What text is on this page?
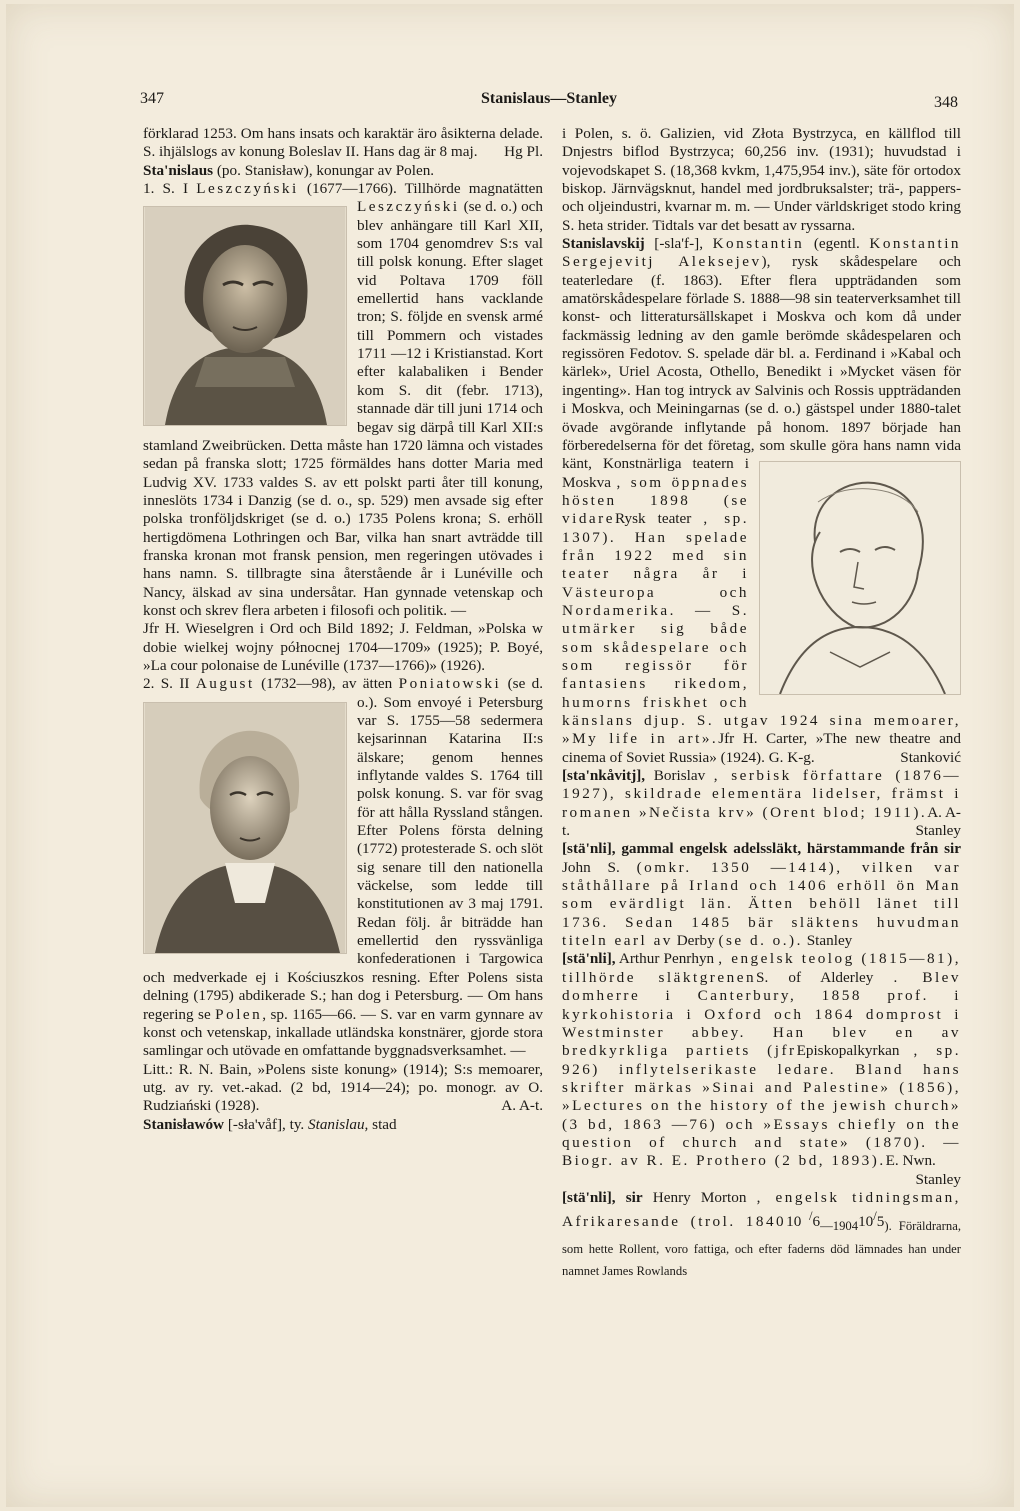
347	Stanislaus—Stanley	348

förklarad 1253. Om hans insats och karaktär äro åsikterna delade. S. ihjälslogs av konung Boleslav II. Hans dag är 8 maj. Hg Pl.

Sta'nislaus (po. Stanisław), konungar av Polen.

1. S. I Leszczyński (1677—1766). Tillhörde magnatätten Leszczyński (se d. o.) och blev anhängare till Karl XII, som 1704 genomdrev S:s val till polsk konung. Efter slaget vid Poltava 1709 föll emellertid hans vacklande tron; S. följde en svensk armé till Pommern och vistades 1711 —12 i Kristianstad. Kort efter kalabaliken i Bender kom S. dit (febr. 1713), stannade där till juni 1714 och begav sig därpå till Karl XII:s stamland Zweibrücken. Detta måste han 1720 lämna och vistades sedan på franska slott; 1725 förmäldes hans dotter Maria med Ludvig XV. 1733 valdes S. av ett polskt parti åter till konung, inneslöts 1734 i Danzig (se d. o., sp. 529) men avsade sig efter polska tronföljdskriget (se d. o.) 1735 Polens krona; S. erhöll hertigdömena Lothringen och Bar, vilka han snart avträdde till franska kronan mot fransk pension, men regeringen utövades i hans namn. S. tillbragte sina återstående år i Lunéville och Nancy, älskad av sina undersåtar. Han gynnade vetenskap och konst och skrev flera arbeten i filosofi och politik. —

Jfr H. Wieselgren i Ord och Bild 1892; J. Feldman, »Polska w dobie wielkej wojny północnej 1704—1709» (1925); P. Boyé, »La cour polonaise de Lunéville (1737—1766)» (1926).

2. S. II August (1732—98), av ätten Poniatowski (se d. o.). Som envoyé i Petersburg var S. 1755—58 sedermera kejsarinnan Katarina II:s älskare; genom hennes inflytande valdes S. 1764 till polsk konung. S. var för svag för att hålla Ryssland stången. Efter Polens första delning (1772) protesterade S. och slöt sig senare till den nationella väckelse, som ledde till konstitutionen av 3 maj 1791. Redan följ. år biträdde han emellertid den ryssvänliga konfederationen i Targowica och medverkade ej i Kościuszkos resning. Efter Polens sista delning (1795) abdikerade S.; han dog i Petersburg. — Om hans regering se Polen, sp. 1165—66. — S. var en varm gynnare av konst och vetenskap, inkallade utländska konstnärer, gjorde stora samlingar och utövade en omfattande byggnadsverksamhet. —

Litt.: R. N. Bain, »Polens siste konung» (1914); S:s memoarer, utg. av ry. vet.-akad. (2 bd, 1914—24); po. monogr. av O. Rudziański (1928).	A. A-t.

Stanisławów [-sła'våf], ty. Stanislau, stad

i Polen, s. ö. Galizien, vid Złota Bystrzyca, en källflod till Dnjestrs biflod Bystrzyca; 60,256 inv. (1931); huvudstad i vojevodskapet S. (18,368 kvkm, 1,475,954 inv.), säte för ortodox biskop. Järnvägsknut, handel med jordbruksalster; trä-, pappers- och oljeindustri, kvarnar m. m. — Under världskriget stodo kring S. heta strider. Tidtals var det besatt av ryssarna.

Stanislavskij [-sla'f-], Konstantin (egentl. Konstantin Sergejevitj Aleksejev), rysk skådespelare och teaterledare (f. 1863). Efter flera uppträdanden som amatörskådespelare förlade S. 1888—98 sin teaterverksamhet till konst- och litteratursällskapet i Moskva och kom då under fackmässig ledning av den gamle berömde skådespelaren och regissören Fedotov. S. spelade där bl. a. Ferdinand i »Kabal och kärlek», Uriel Acosta, Othello, Benedikt i »Mycket väsen för ingenting». Han tog intryck av Salvinis och Rossis uppträdanden i Moskva, och Meiningarnas (se d. o.) gästspel under 1880-talet övade avgörande inflytande på honom. 1897 började han förberedelserna för det företag, som skulle göra hans namn vida känt, Konstnärliga teatern i Moskva , som öppnades hösten 1898 (se vidareRysk teater , sp. 1307). Han spelade från 1922 med sin teater några år i Västeuropa och Nordamerika. — S. utmärker sig både som skådespelare och som regissör för fantasiens rikedom, humorns friskhet och känslans djup. S. utgav 1924 sina memoarer, »My life in art».Jfr H. Carter, »The new theatre and cinema of Soviet Russia» (1924). G. K-g.	Stanković

[sta'nkåvitj], Borislav , serbisk författare (1876—1927), skildrade elementära lidelser, främst i romanen »Nečista krv» (Orent blod; 1911).A. A-t.	Stanley

[stä'nli], gammal engelsk adelssläkt, härstammande från sir John S. (omkr. 1350 —1414), vilken var ståthållare på Irland och 1406 erhöll ön Man som evärdligt län. Ätten behöll länet till 1736. Sedan 1485 bär släktens huvudman titeln earl av Derby (se d. o.). Stanley

[stä'nli], Arthur Penrhyn , engelsk teolog (1815—81), tillhörde släktgrenenS. of Alderley . Blev domherre i Canterbury, 1858 prof. i kyrkohistoria i Oxford och 1864 domprost i Westminster abbey. Han blev en av bredkyrkliga partiets (jfrEpiskopalkyrkan , sp. 926) inflytelserikaste ledare. Bland hans skrifter märkas »Sinai and Palestine» (1856), »Lectures on the history of the jewish church» (3 bd, 1863 —76) och »Essays chiefly on the question of church and state» (1870). — Biogr. av R. E. Prothero (2 bd, 1893).E. Nwn.
Stanley

[stä'nli], sir Henry Morton , engelsk tidningsman, Afrikaresande (trol. 184010 $^/6_{—1904}10^/5_{). Föräldrarna, som hette Rollent, voro fattiga, och efter faderns död lämnades han under namnet James Rowlands}$
